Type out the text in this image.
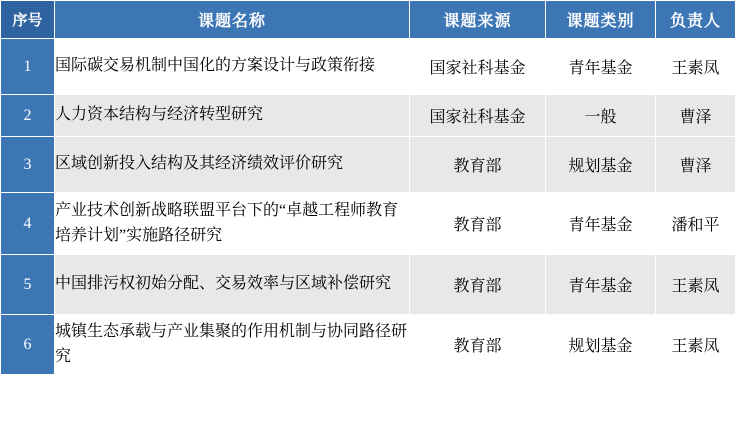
序号	课题名称	课题来源	课题类别	负责人
1	国际碳交易机制中国化的方案设计与政策衔接	国家社科基金	青年基金	王素凤
2	人力资本结构与经济转型研究	国家社科基金	一般	曹泽
3	区域创新投入结构及其经济绩效评价研究	教育部	规划基金	曹泽
4	产业技术创新战略联盟平台下的“卓越工程师教育培养计划”实施路径研究	教育部	青年基金	潘和平
5	中国排污权初始分配、交易效率与区域补偿研究	教育部	青年基金	王素凤
6	城镇生态承载与产业集聚的作用机制与协同路径研究	教育部	规划基金	王素凤
